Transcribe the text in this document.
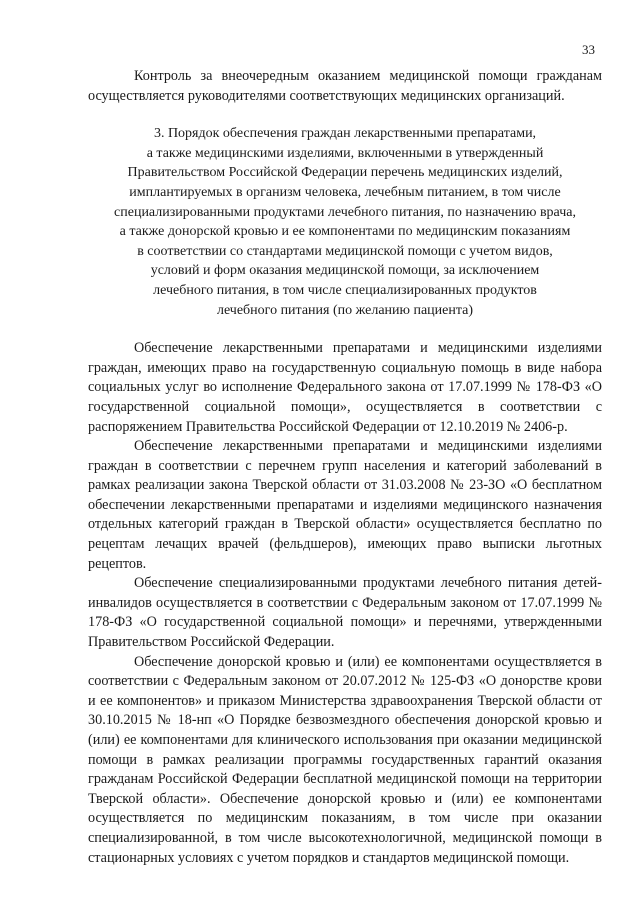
33

Контроль за внеочередным оказанием медицинской помощи гражданам осуществляется руководителями соответствующих медицинских организаций.

3. Порядок обеспечения граждан лекарственными препаратами,
а также медицинскими изделиями, включенными в утвержденный
Правительством Российской Федерации перечень медицинских изделий,
имплантируемых в организм человека, лечебным питанием, в том числе
специализированными продуктами лечебного питания, по назначению врача,
а также донорской кровью и ее компонентами по медицинским показаниям
в соответствии со стандартами медицинской помощи с учетом видов,
условий и форм оказания медицинской помощи, за исключением
лечебного питания, в том числе специализированных продуктов
лечебного питания (по желанию пациента)

Обеспечение лекарственными препаратами и медицинскими изделиями граждан, имеющих право на государственную социальную помощь в виде набора социальных услуг во исполнение Федерального закона от 17.07.1999 № 178-ФЗ «О государственной социальной помощи», осуществляется в соответствии с распоряжением Правительства Российской Федерации от 12.10.2019 № 2406-р.

Обеспечение лекарственными препаратами и медицинскими изделиями граждан в соответствии с перечнем групп населения и категорий заболеваний в рамках реализации закона Тверской области от 31.03.2008 № 23-ЗО «О бесплатном обеспечении лекарственными препаратами и изделиями медицинского назначения отдельных категорий граждан в Тверской области» осуществляется бесплатно по рецептам лечащих врачей (фельдшеров), имеющих право выписки льготных рецептов.

Обеспечение специализированными продуктами лечебного питания детей-инвалидов осуществляется в соответствии с Федеральным законом от 17.07.1999 № 178-ФЗ «О государственной социальной помощи» и перечнями, утвержденными Правительством Российской Федерации.

Обеспечение донорской кровью и (или) ее компонентами осуществляется в соответствии с Федеральным законом от 20.07.2012 № 125-ФЗ «О донорстве крови и ее компонентов» и приказом Министерства здравоохранения Тверской области от 30.10.2015 № 18-нп «О Порядке безвозмездного обеспечения донорской кровью и (или) ее компонентами для клинического использования при оказании медицинской помощи в рамках реализации программы государственных гарантий оказания гражданам Российской Федерации бесплатной медицинской помощи на территории Тверской области». Обеспечение донорской кровью и (или) ее компонентами осуществляется по медицинским показаниям, в том числе при оказании специализированной, в том числе высокотехнологичной, медицинской помощи в стационарных условиях с учетом порядков и стандартов медицинской помощи.
